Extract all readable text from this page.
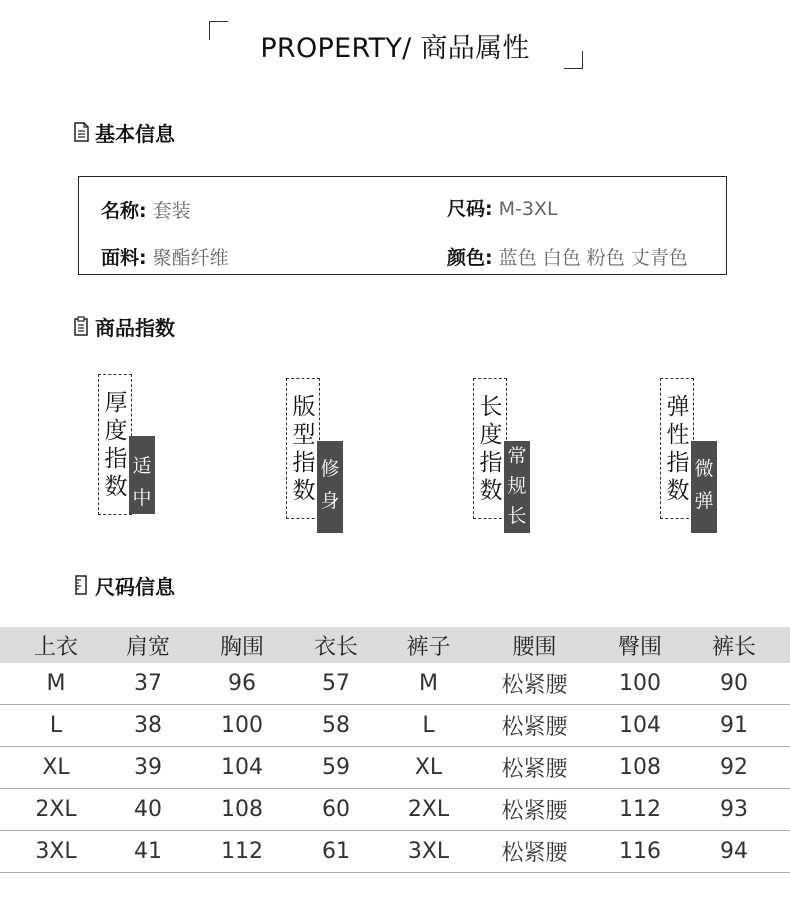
PROPERTY/ 商品属性
基本信息
名称: 套装	尺码: M-3XL
面料: 聚酯纤维	颜色: 蓝色 白色 粉色 丈青色
商品指数
厚度指数
适中
版型指数
修身
长度指数
常规长
弹性指数
微弹
尺码信息
上衣	肩宽	胸围	衣长	裤子	腰围	臀围	裤长
M	37	96	57	M	松紧腰	100	90
L	38	100	58	L	松紧腰	104	91
XL	39	104	59	XL	松紧腰	108	92
2XL	40	108	60	2XL	松紧腰	112	93
3XL	41	112	61	3XL	松紧腰	116	94
